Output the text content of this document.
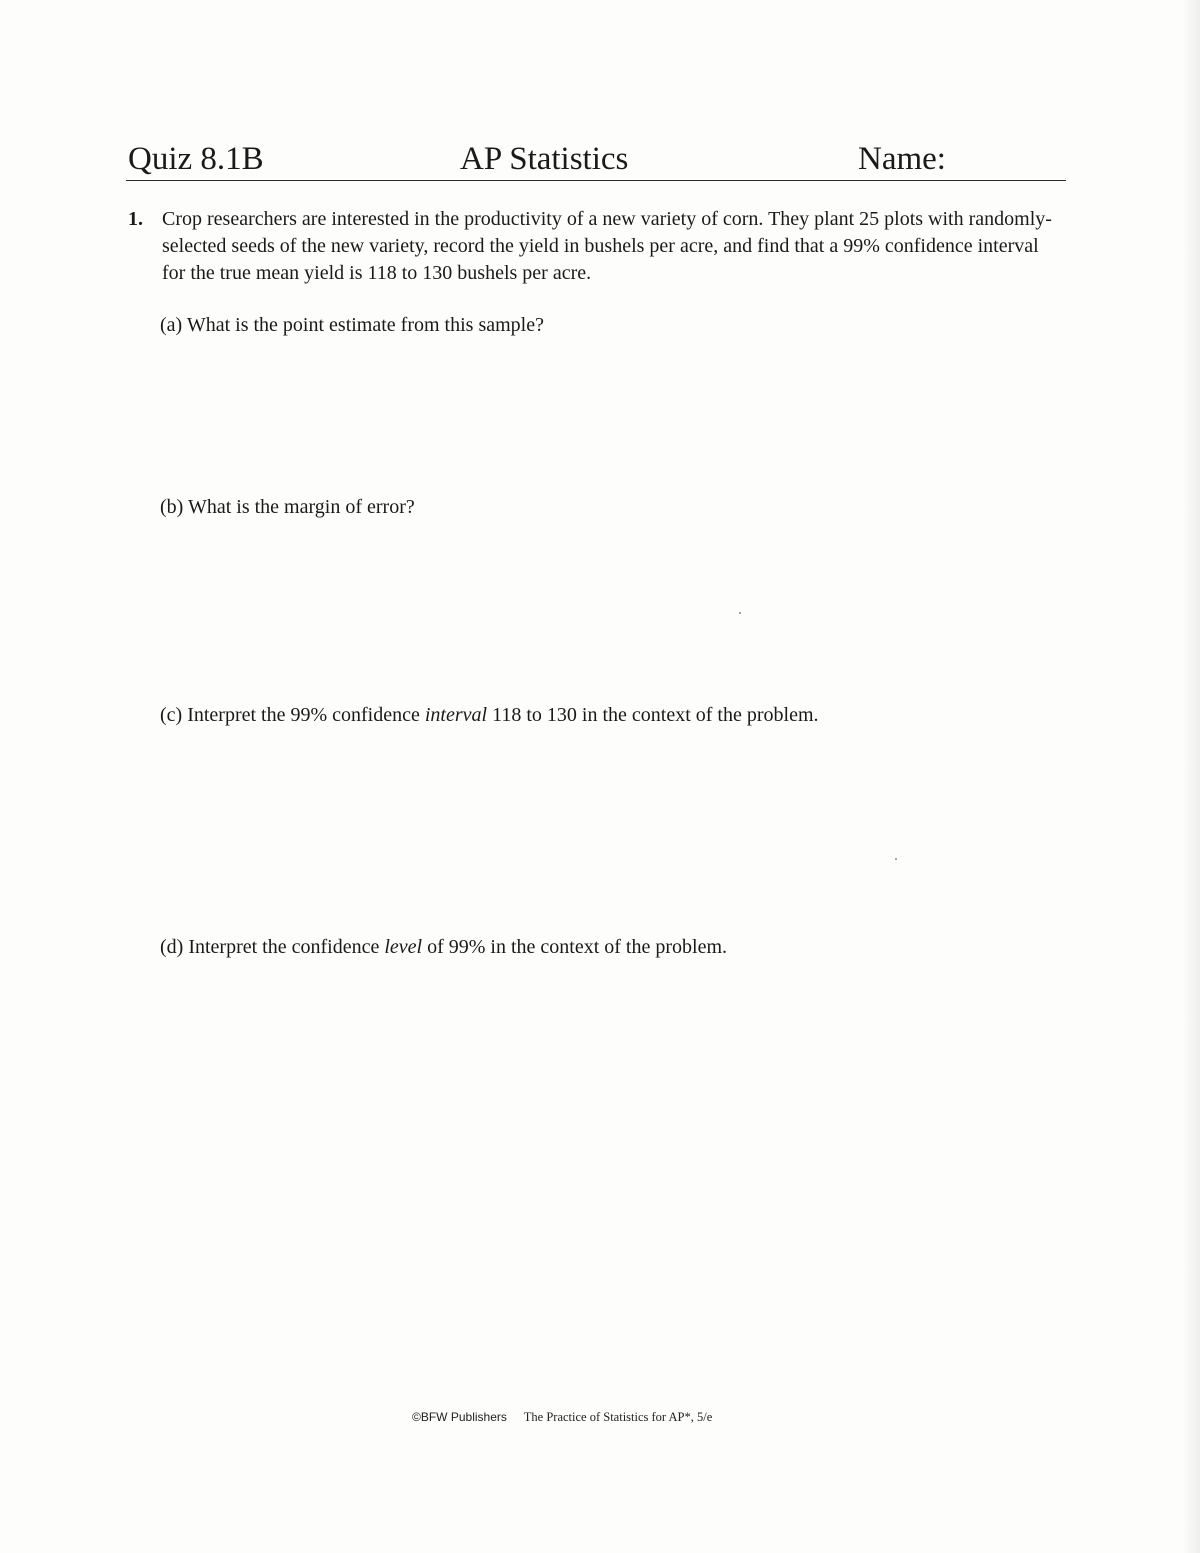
Quiz 8.1B	AP Statistics	Name:
1. Crop researchers are interested in the productivity of a new variety of corn. They plant 25 plots with randomly-selected seeds of the new variety, record the yield in bushels per acre, and find that a 99% confidence interval for the true mean yield is 118 to 130 bushels per acre.
(a) What is the point estimate from this sample?
(b) What is the margin of error?
(c) Interpret the 99% confidence interval 118 to 130 in the context of the problem.
(d) Interpret the confidence level of 99% in the context of the problem.
©BFW Publishers The Practice of Statistics for AP*, 5/e
